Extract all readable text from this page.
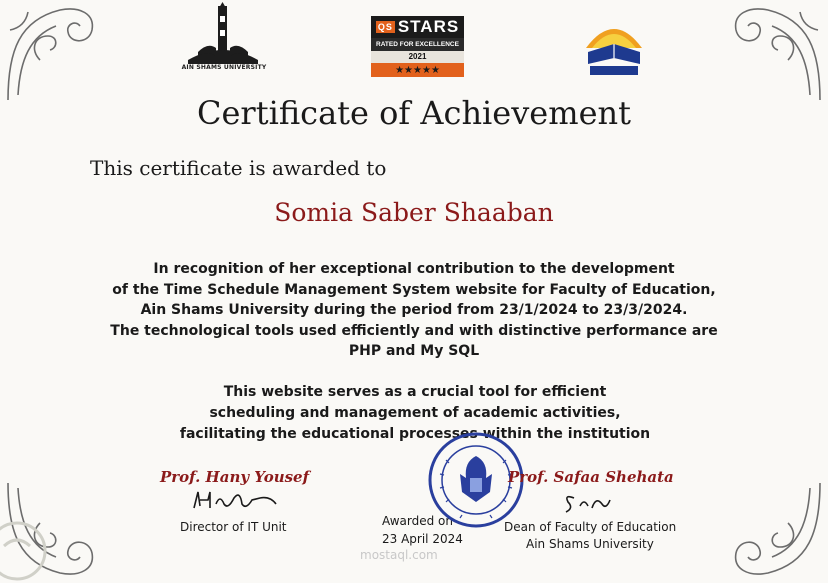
AIN SHAMS UNIVERSITY
QS STARS
RATED FOR EXCELLENCE
2021
★★★★★
Certificate of Achievement
This certificate is awarded to
Somia Saber Shaaban
In recognition of her exceptional contribution to the development
of the Time Schedule Management System website for Faculty of Education,
Ain Shams University during the period from 23/1/2024 to 23/3/2024.
The technological tools used efficiently and with distinctive performance are
PHP and My SQL
This website serves as a crucial tool for efficient
scheduling and management of academic activities,
facilitating the educational processes within the institution
Prof. Hany Yousef
Director of IT Unit	Awarded on
23 April 2024
Prof. Safaa Shehata
Dean of Faculty of Education
Ain Shams University
mostaql.com
